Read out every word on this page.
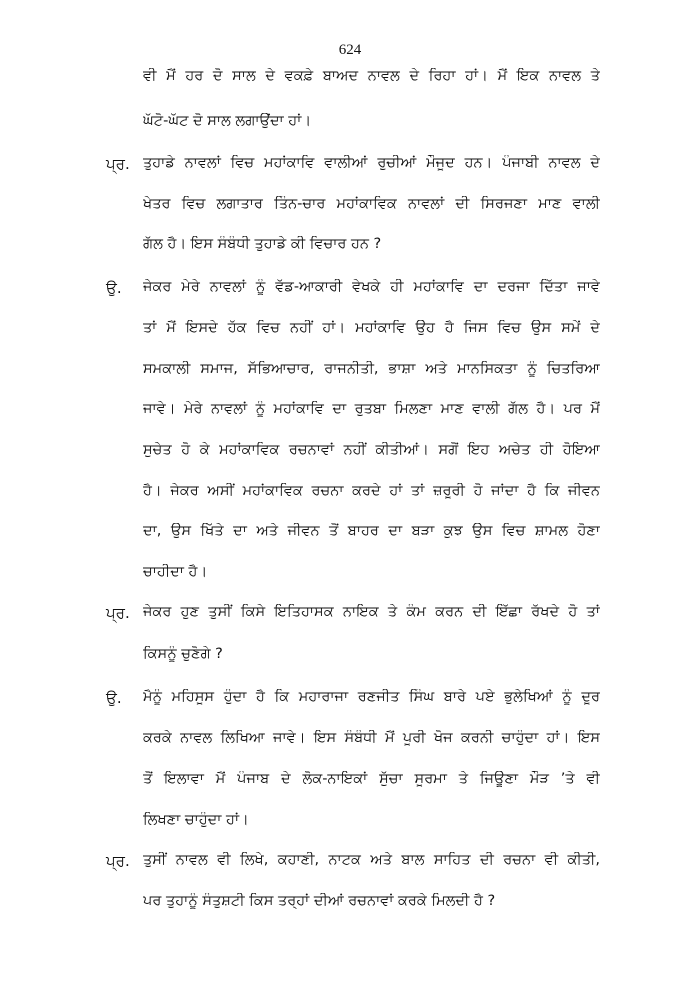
624
ਵੀ ਮੈਂ ਹਰ ਦੋ ਸਾਲ ਦੇ ਵਕਫ਼ੇ ਬਾਅਦ ਨਾਵਲ ਦੇ ਰਿਹਾ ਹਾਂ। ਮੈਂ ਇਕ ਨਾਵਲ ਤੇ
ਘੱਟੋ-ਘੱਟ ਦੋ ਸਾਲ ਲਗਾਉਂਦਾ ਹਾਂ।
ਪ੍ਰ. ਤੁਹਾਡੇ ਨਾਵਲਾਂ ਵਿਚ ਮਹਾਂਕਾਵਿ ਵਾਲੀਆਂ ਰੁਚੀਆਂ ਮੌਜੂਦ ਹਨ। ਪੰਜਾਬੀ ਨਾਵਲ ਦੇ
ਖੇਤਰ ਵਿਚ ਲਗਾਤਾਰ ਤਿੰਨ-ਚਾਰ ਮਹਾਂਕਾਵਿਕ ਨਾਵਲਾਂ ਦੀ ਸਿਰਜਣਾ ਮਾਣ ਵਾਲੀ
ਗੱਲ ਹੈ। ਇਸ ਸੰਬੰਧੀ ਤੁਹਾਡੇ ਕੀ ਵਿਚਾਰ ਹਨ ?
ਉ. ਜੇਕਰ ਮੇਰੇ ਨਾਵਲਾਂ ਨੂੰ ਵੱਡ-ਆਕਾਰੀ ਵੇਖਕੇ ਹੀ ਮਹਾਂਕਾਵਿ ਦਾ ਦਰਜਾ ਦਿੱਤਾ ਜਾਵੇ
ਤਾਂ ਮੈਂ ਇਸਦੇ ਹੱਕ ਵਿਚ ਨਹੀਂ ਹਾਂ। ਮਹਾਂਕਾਵਿ ਉਹ ਹੈ ਜਿਸ ਵਿਚ ਉਸ ਸਮੇਂ ਦੇ
ਸਮਕਾਲੀ ਸਮਾਜ, ਸੱਭਿਆਚਾਰ, ਰਾਜਨੀਤੀ, ਭਾਸ਼ਾ ਅਤੇ ਮਾਨਸਿਕਤਾ ਨੂੰ ਚਿਤਰਿਆ
ਜਾਵੇ। ਮੇਰੇ ਨਾਵਲਾਂ ਨੂੰ ਮਹਾਂਕਾਵਿ ਦਾ ਰੁਤਬਾ ਮਿਲਣਾ ਮਾਣ ਵਾਲੀ ਗੱਲ ਹੈ। ਪਰ ਮੈਂ
ਸੁਚੇਤ ਹੋ ਕੇ ਮਹਾਂਕਾਵਿਕ ਰਚਨਾਵਾਂ ਨਹੀਂ ਕੀਤੀਆਂ। ਸਗੋਂ ਇਹ ਅਚੇਤ ਹੀ ਹੋਇਆ
ਹੈ। ਜੇਕਰ ਅਸੀਂ ਮਹਾਂਕਾਵਿਕ ਰਚਨਾ ਕਰਦੇ ਹਾਂ ਤਾਂ ਜ਼ਰੂਰੀ ਹੋ ਜਾਂਦਾ ਹੈ ਕਿ ਜੀਵਨ
ਦਾ, ਉਸ ਖਿੱਤੇ ਦਾ ਅਤੇ ਜੀਵਨ ਤੋਂ ਬਾਹਰ ਦਾ ਬੜਾ ਕੁਝ ਉਸ ਵਿਚ ਸ਼ਾਮਲ ਹੋਣਾ
ਚਾਹੀਦਾ ਹੈ।
ਪ੍ਰ. ਜੇਕਰ ਹੁਣ ਤੁਸੀਂ ਕਿਸੇ ਇਤਿਹਾਸਕ ਨਾਇਕ ਤੇ ਕੰਮ ਕਰਨ ਦੀ ਇੱਛਾ ਰੱਖਦੇ ਹੋ ਤਾਂ
ਕਿਸਨੂੰ ਚੁਣੋਗੇ ?
ਉ. ਮੈਨੂੰ ਮਹਿਸੂਸ ਹੁੰਦਾ ਹੈ ਕਿ ਮਹਾਰਾਜਾ ਰਣਜੀਤ ਸਿੰਘ ਬਾਰੇ ਪਏ ਭੁਲੇਖਿਆਂ ਨੂੰ ਦੂਰ
ਕਰਕੇ ਨਾਵਲ ਲਿਖਿਆ ਜਾਵੇ। ਇਸ ਸੰਬੰਧੀ ਮੈਂ ਪੂਰੀ ਖੋਜ ਕਰਨੀ ਚਾਹੁੰਦਾ ਹਾਂ। ਇਸ
ਤੋਂ ਇਲਾਵਾ ਮੈਂ ਪੰਜਾਬ ਦੇ ਲੋਕ-ਨਾਇਕਾਂ ਸੁੱਚਾ ਸੂਰਮਾ ਤੇ ਜਿਊਣਾ ਮੌੜ ’ਤੇ ਵੀ
ਲਿਖਣਾ ਚਾਹੁੰਦਾ ਹਾਂ।
ਪ੍ਰ. ਤੁਸੀਂ ਨਾਵਲ ਵੀ ਲਿਖੇ, ਕਹਾਣੀ, ਨਾਟਕ ਅਤੇ ਬਾਲ ਸਾਹਿਤ ਦੀ ਰਚਨਾ ਵੀ ਕੀਤੀ,
ਪਰ ਤੁਹਾਨੂੰ ਸੰਤੁਸ਼ਟੀ ਕਿਸ ਤਰ੍ਹਾਂ ਦੀਆਂ ਰਚਨਾਵਾਂ ਕਰਕੇ ਮਿਲਦੀ ਹੈ ?
